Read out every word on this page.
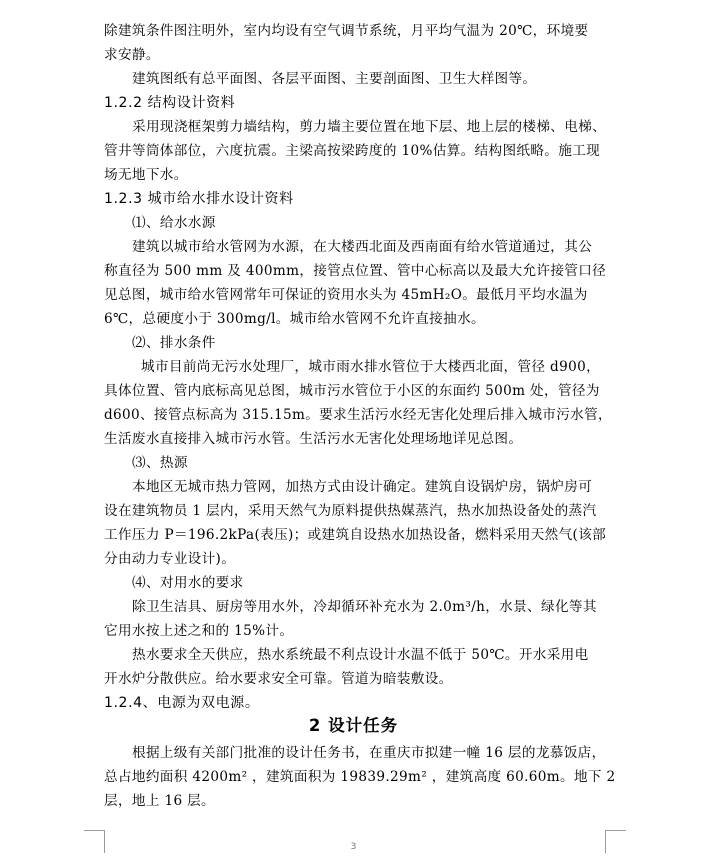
除建筑条件图注明外，室内均设有空气调节系统，月平均气温为 20℃，环境要
求安静。
建筑图纸有总平面图、各层平面图、主要剖面图、卫生大样图等。
1.2.2 结构设计资料
采用现浇框架剪力墙结构，剪力墙主要位置在地下层、地上层的楼梯、电梯、
管井等筒体部位，六度抗震。主梁高按梁跨度的 10%估算。结构图纸略。施工现
场无地下水。
1.2.3 城市给水排水设计资料
⑴、给水水源
建筑以城市给水管网为水源，在大楼西北面及西南面有给水管道通过，其公
称直径为 500 mm 及 400mm，接管点位置、管中心标高以及最大允许接管口径
见总图，城市给水管网常年可保证的资用水头为 45mH₂O。最低月平均水温为
6℃，总硬度小于 300mg/l。城市给水管网不允许直接抽水。
⑵、排水条件
城市目前尚无污水处理厂，城市雨水排水管位于大楼西北面，管径 d900，
具体位置、管内底标高见总图，城市污水管位于小区的东面约 500m 处，管径为
d600、接管点标高为 315.15m。要求生活污水经无害化处理后排入城市污水管，
生活废水直接排入城市污水管。生活污水无害化处理场地详见总图。
⑶、热源
本地区无城市热力管网，加热方式由设计确定。建筑自设锅炉房，锅炉房可
设在建筑物员 1 层内，采用天然气为原料提供热媒蒸汽，热水加热设备处的蒸汽
工作压力 P＝196.2kPa(表压)；或建筑自设热水加热设备，燃料采用天然气(该部
分由动力专业设计)。
⑷、对用水的要求
除卫生洁具、厨房等用水外，冷却循环补充水为 2.0m³/h，水景、绿化等其
它用水按上述之和的 15%计。
热水要求全天供应，热水系统最不利点设计水温不低于 50℃。开水采用电
开水炉分散供应。给水要求安全可靠。管道为暗装敷设。
1.2.4、电源为双电源。
2 设计任务
根据上级有关部门批准的设计任务书，在重庆市拟建一幢 16 层的龙慕饭店，
总占地约面积 4200m² ，建筑面积为 19839.29m² ，建筑高度 60.60m。地下 2
层，地上 16 层。
3
